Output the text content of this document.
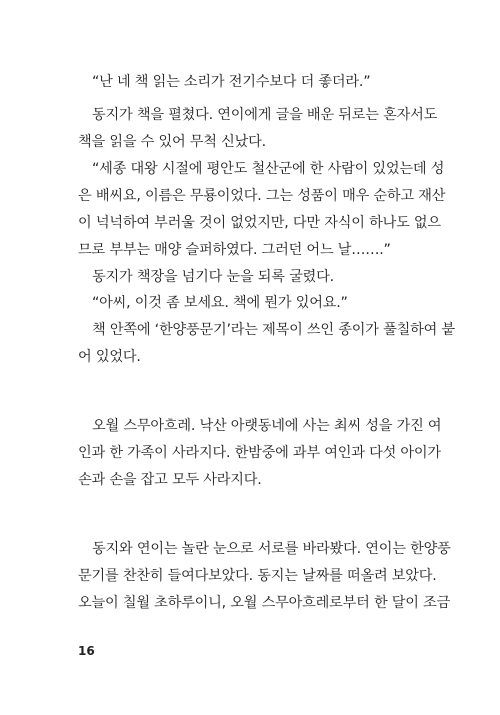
“난 네 책 읽는 소리가 전기수보다 더 좋더라.”
동지가 책을 펼쳤다. 연이에게 글을 배운 뒤로는 혼자서도
책을 읽을 수 있어 무척 신났다.
“세종 대왕 시절에 평안도 철산군에 한 사람이 있었는데 성
은 배씨요, 이름은 무룡이었다. 그는 성품이 매우 순하고 재산
이 넉넉하여 부러울 것이 없었지만, 다만 자식이 하나도 없으
므로 부부는 매양 슬퍼하였다. 그러던 어느 날…….”
동지가 책장을 넘기다 눈을 되록 굴렸다.
“아씨, 이것 좀 보세요. 책에 뭔가 있어요.”
책 안쪽에 ‘한양풍문기’라는 제목이 쓰인 종이가 풀칠하여 붙
어 있었다.
오월 스무아흐레. 낙산 아랫동네에 사는 최씨 성을 가진 여
인과 한 가족이 사라지다. 한밤중에 과부 여인과 다섯 아이가
손과 손을 잡고 모두 사라지다.
동지와 연이는 놀란 눈으로 서로를 바라봤다. 연이는 한양풍
문기를 찬찬히 들여다보았다. 동지는 날짜를 떠올려 보았다.
오늘이 칠월 초하루이니, 오월 스무아흐레로부터 한 달이 조금
16
